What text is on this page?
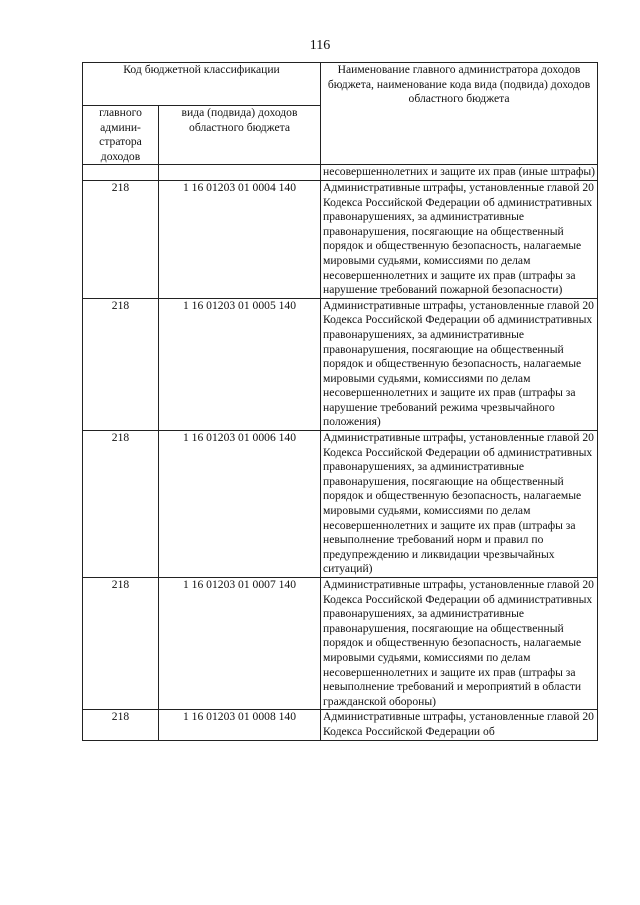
116
Код бюджетной классификации		Наименование главного администратора доходов бюджета, наименование кода вида (подвида) доходов областного бюджета
главного админи-стратора доходов	вида (подвида) доходов областного бюджета	
		несовершеннолетних и защите их прав (иные штрафы)
218	1 16 01203 01 0004 140	Административные штрафы, установленные главой 20 Кодекса Российской Федерации об административных правонарушениях, за административные правонарушения, посягающие на общественный порядок и общественную безопасность, налагаемые мировыми судьями, комиссиями по делам несовершеннолетних и защите их прав (штрафы за нарушение требований пожарной безопасности)
218	1 16 01203 01 0005 140	Административные штрафы, установленные главой 20 Кодекса Российской Федерации об административных правонарушениях, за административные правонарушения, посягающие на общественный порядок и общественную безопасность, налагаемые мировыми судьями, комиссиями по делам несовершеннолетних и защите их прав (штрафы за нарушение требований режима чрезвычайного положения)
218	1 16 01203 01 0006 140	Административные штрафы, установленные главой 20 Кодекса Российской Федерации об административных правонарушениях, за административные правонарушения, посягающие на общественный порядок и общественную безопасность, налагаемые мировыми судьями, комиссиями по делам несовершеннолетних и защите их прав (штрафы за невыполнение требований норм и правил по предупреждению и ликвидации чрезвычайных ситуаций)
218	1 16 01203 01 0007 140	Административные штрафы, установленные главой 20 Кодекса Российской Федерации об административных правонарушениях, за административные правонарушения, посягающие на общественный порядок и общественную безопасность, налагаемые мировыми судьями, комиссиями по делам несовершеннолетних и защите их прав (штрафы за невыполнение требований и мероприятий в области гражданской обороны)
218	1 16 01203 01 0008 140	Административные штрафы, установленные главой 20 Кодекса Российской Федерации об
